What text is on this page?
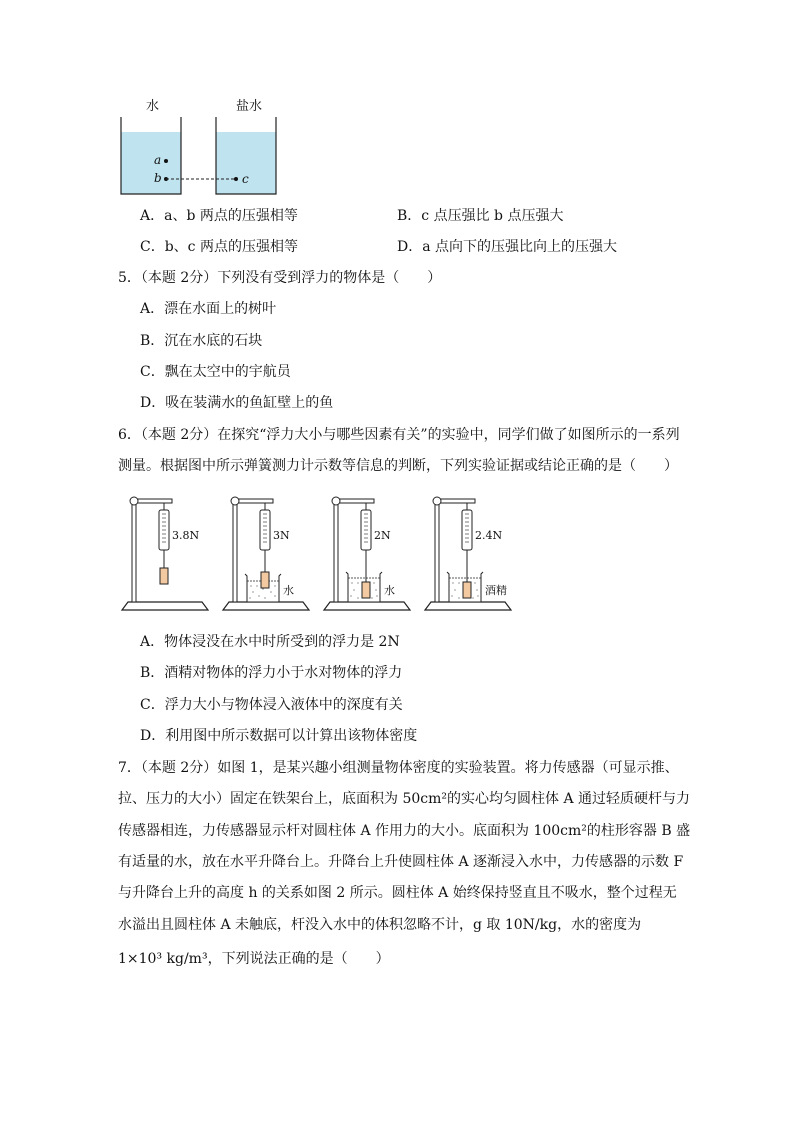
水	盐水
a
b	c
A．a、b 两点的压强相等	B．c 点压强比 b 点压强大
C．b、c 两点的压强相等	D．a 点向下的压强比向上的压强大
5．（本题 2分）下列没有受到浮力的物体是（　　）
A．漂在水面上的树叶
B．沉在水底的石块
C．飘在太空中的宇航员
D．吸在装满水的鱼缸壁上的鱼
6．（本题 2分）在探究“浮力大小与哪些因素有关”的实验中，同学们做了如图所示的一系列
测量。根据图中所示弹簧测力计示数等信息的判断，下列实验证据或结论正确的是（　　）
3.8N	3N
水
2N
水
2.4N
酒精
A．物体浸没在水中时所受到的浮力是 2N
B．酒精对物体的浮力小于水对物体的浮力
C．浮力大小与物体浸入液体中的深度有关
D．利用图中所示数据可以计算出该物体密度
7．（本题 2分）如图 1，是某兴趣小组测量物体密度的实验装置。将力传感器（可显示推、
拉、压力的大小）固定在铁架台上，底面积为 50cm²的实心均匀圆柱体 A 通过轻质硬杆与力
传感器相连，力传感器显示杆对圆柱体 A 作用力的大小。底面积为 100cm²的柱形容器 B 盛
有适量的水，放在水平升降台上。升降台上升使圆柱体 A 逐渐浸入水中，力传感器的示数 F
与升降台上升的高度 h 的关系如图 2 所示。圆柱体 A 始终保持竖直且不吸水，整个过程无
水溢出且圆柱体 A 未触底，杆没入水中的体积忽略不计，g 取 10N/kg，水的密度为
1×10³ kg/m³，下列说法正确的是（　　）
